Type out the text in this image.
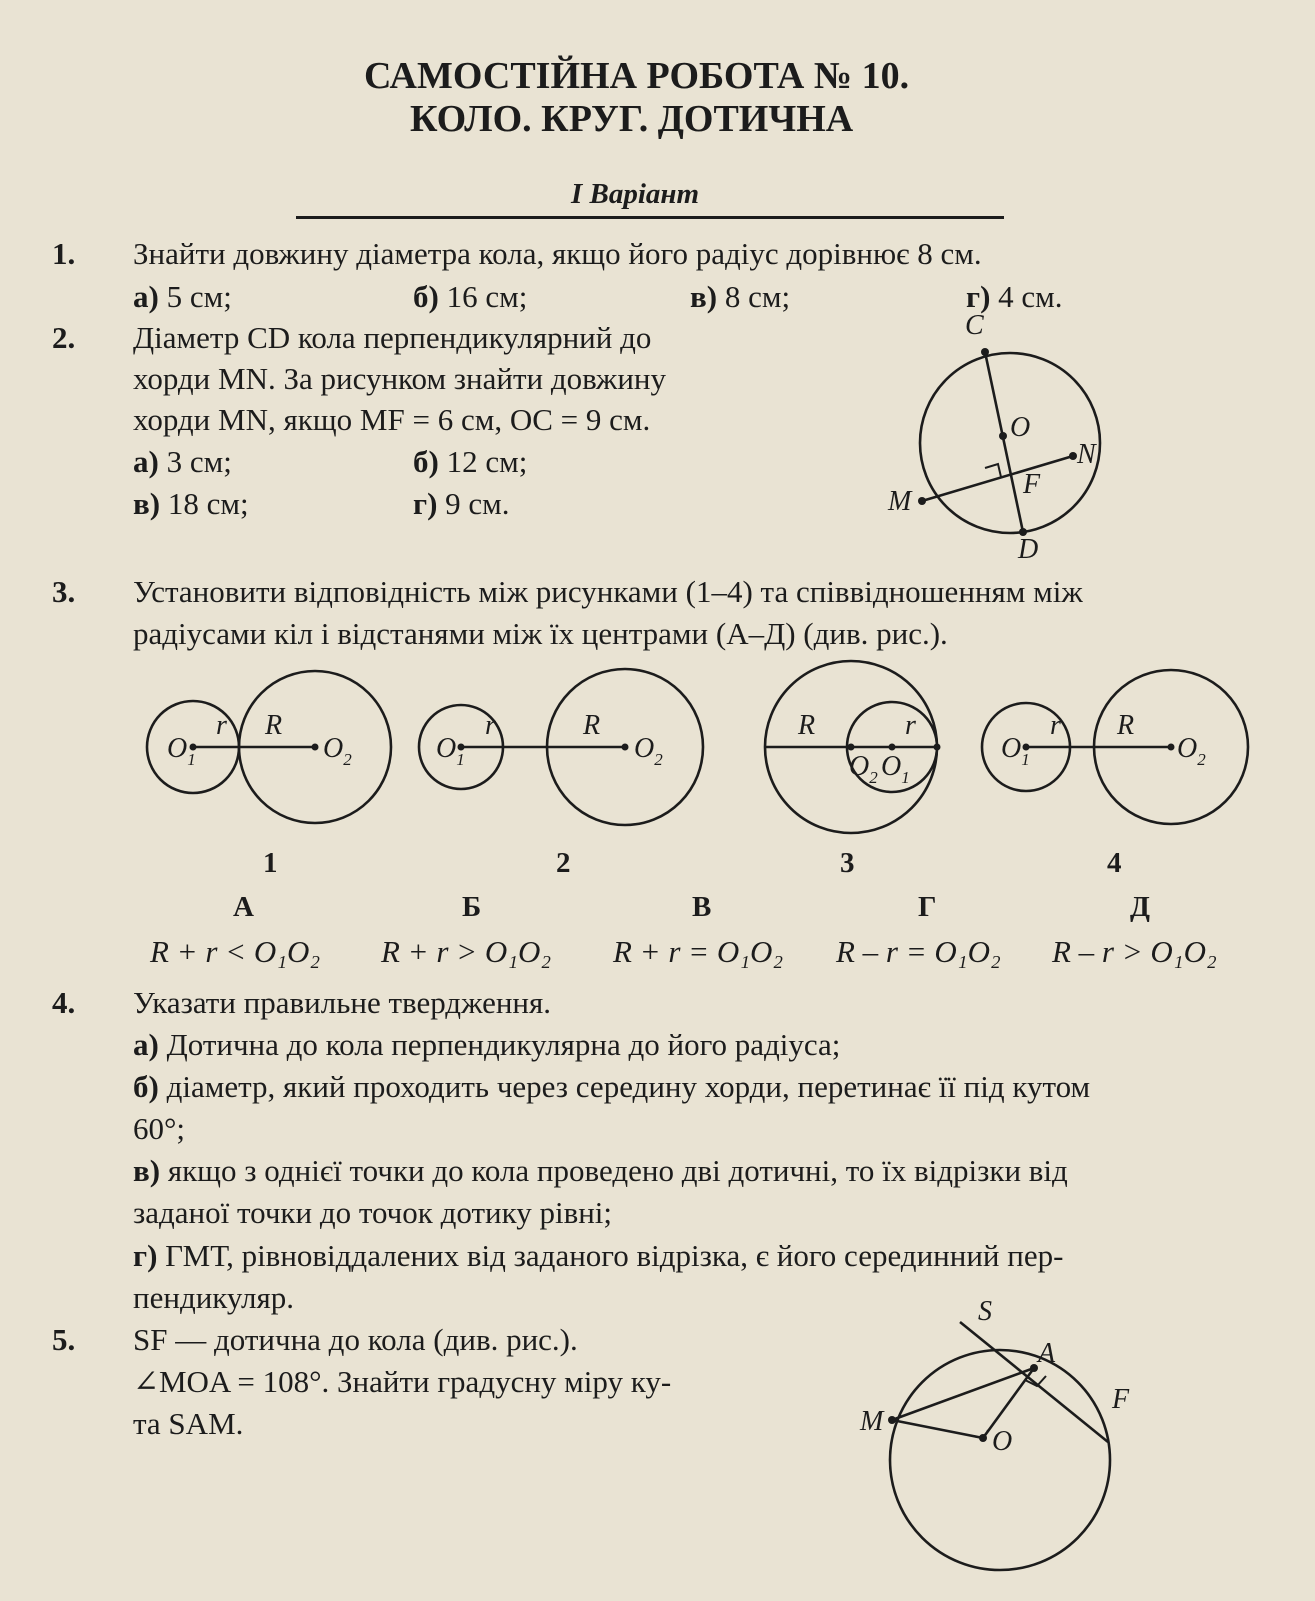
САМОСТІЙНА РОБОТА № 10.
КОЛО. КРУГ. ДОТИЧНА
І Варіант
1. Знайти довжину діаметра кола, якщо його радіус дорівнює 8 см.
а) 5 см;	б) 16 см;	в) 8 см;	г) 4 см.
2. Діаметр CD кола перпендикулярний до
хорди MN. За рисунком знайти довжину
хорди MN, якщо MF = 6 см, OC = 9 см.
а) 3 см;	б) 12 см;
в) 18 см;	г) 9 см.
C
O
N
M
F
D
3. Установити відповідність між рисунками (1–4) та співвідношенням між
радіусами кіл і відстанями між їх центрами (А–Д) (див. рис.).
$O_1$
r R
$O_2$
1
$O_1$
r	R
$O_2$
2
R	r
$O_2$ $O_1$
3
$O_1$
r R
$O_2$
4
А
R + r < O₁O₂
Б
R + r > O₁O₂
В
R + r = O₁O₂
Г
R – r = O₁O₂
Д
R – r > O₁O₂
4. Указати правильне твердження.
а) Дотична до кола перпендикулярна до його радіуса;
б) діаметр, який проходить через середину хорди, перетинає її під кутом
60°;
в) якщо з однієї точки до кола проведено дві дотичні, то їх відрізки від
заданої точки до точок дотику рівні;
г) ГМТ, рівновіддалених від заданого відрізка, є його серединний пер-
пендикуляр.
5. SF — дотична до кола (див. рис.).
∠MOA = 108°. Знайти градусну міру ку-
та SAM.
S
A
F
M
O
